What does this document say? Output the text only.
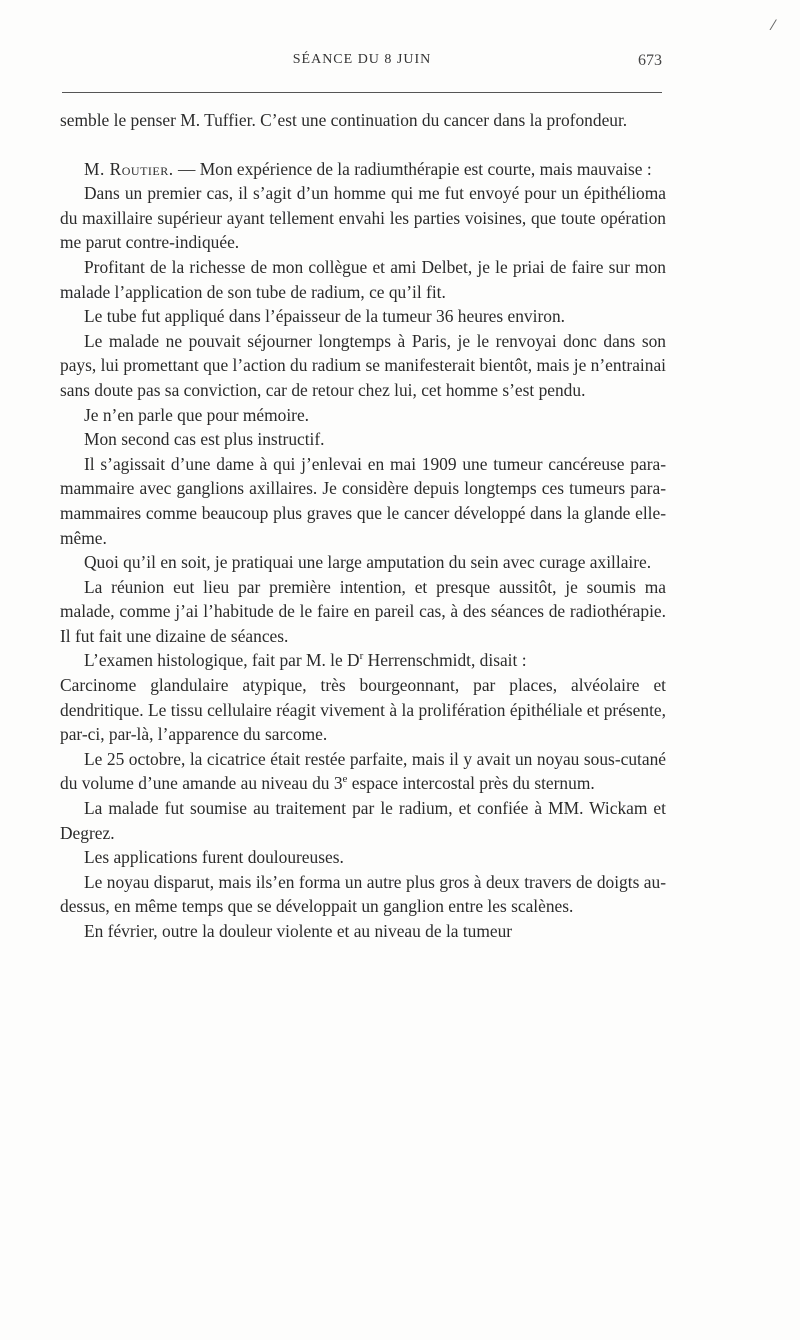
SÉANCE DU 8 JUIN	673
⁄

semble le penser M. Tuffier. C’est une continuation du cancer dans la profondeur.

M. Routier. — Mon expérience de la radiumthérapie est courte, mais mauvaise :

Dans un premier cas, il s’agit d’un homme qui me fut envoyé pour un épithélioma du maxillaire supérieur ayant tellement envahi les parties voisines, que toute opération me parut contre-indiquée.

Profitant de la richesse de mon collègue et ami Delbet, je le priai de faire sur mon malade l’application de son tube de radium, ce qu’il fit.

Le tube fut appliqué dans l’épaisseur de la tumeur 36 heures environ.

Le malade ne pouvait séjourner longtemps à Paris, je le renvoyai donc dans son pays, lui promettant que l’action du radium se manifesterait bientôt, mais je n’entrainai sans doute pas sa conviction, car de retour chez lui, cet homme s’est pendu.

Je n’en parle que pour mémoire.

Mon second cas est plus instructif.

Il s’agissait d’une dame à qui j’enlevai en mai 1909 une tumeur cancéreuse para-mammaire avec ganglions axillaires. Je considère depuis longtemps ces tumeurs para-mammaires comme beaucoup plus graves que le cancer développé dans la glande elle-même.

Quoi qu’il en soit, je pratiquai une large amputation du sein avec curage axillaire.

La réunion eut lieu par première intention, et presque aussitôt, je soumis ma malade, comme j’ai l’habitude de le faire en pareil cas, à des séances de radiothérapie. Il fut fait une dizaine de séances.

L’examen histologique, fait par M. le $D^r$ Herrenschmidt, disait :

Carcinome glandulaire atypique, très bourgeonnant, par places, alvéolaire et dendritique. Le tissu cellulaire réagit vivement à la prolifération épithéliale et présente, par-ci, par-là, l’apparence du sarcome.

Le 25 octobre, la cicatrice était restée parfaite, mais il y avait un noyau sous-cutané du volume d’une amande au niveau du 3e espace intercostal près du sternum.

La malade fut soumise au traitement par le radium, et confiée à MM. Wickam et Degrez.

Les applications furent douloureuses.

Le noyau disparut, mais ils’en forma un autre plus gros à deux travers de doigts au-dessus, en même temps que se développait un ganglion entre les scalènes.

En février, outre la douleur violente et au niveau de la tumeur
